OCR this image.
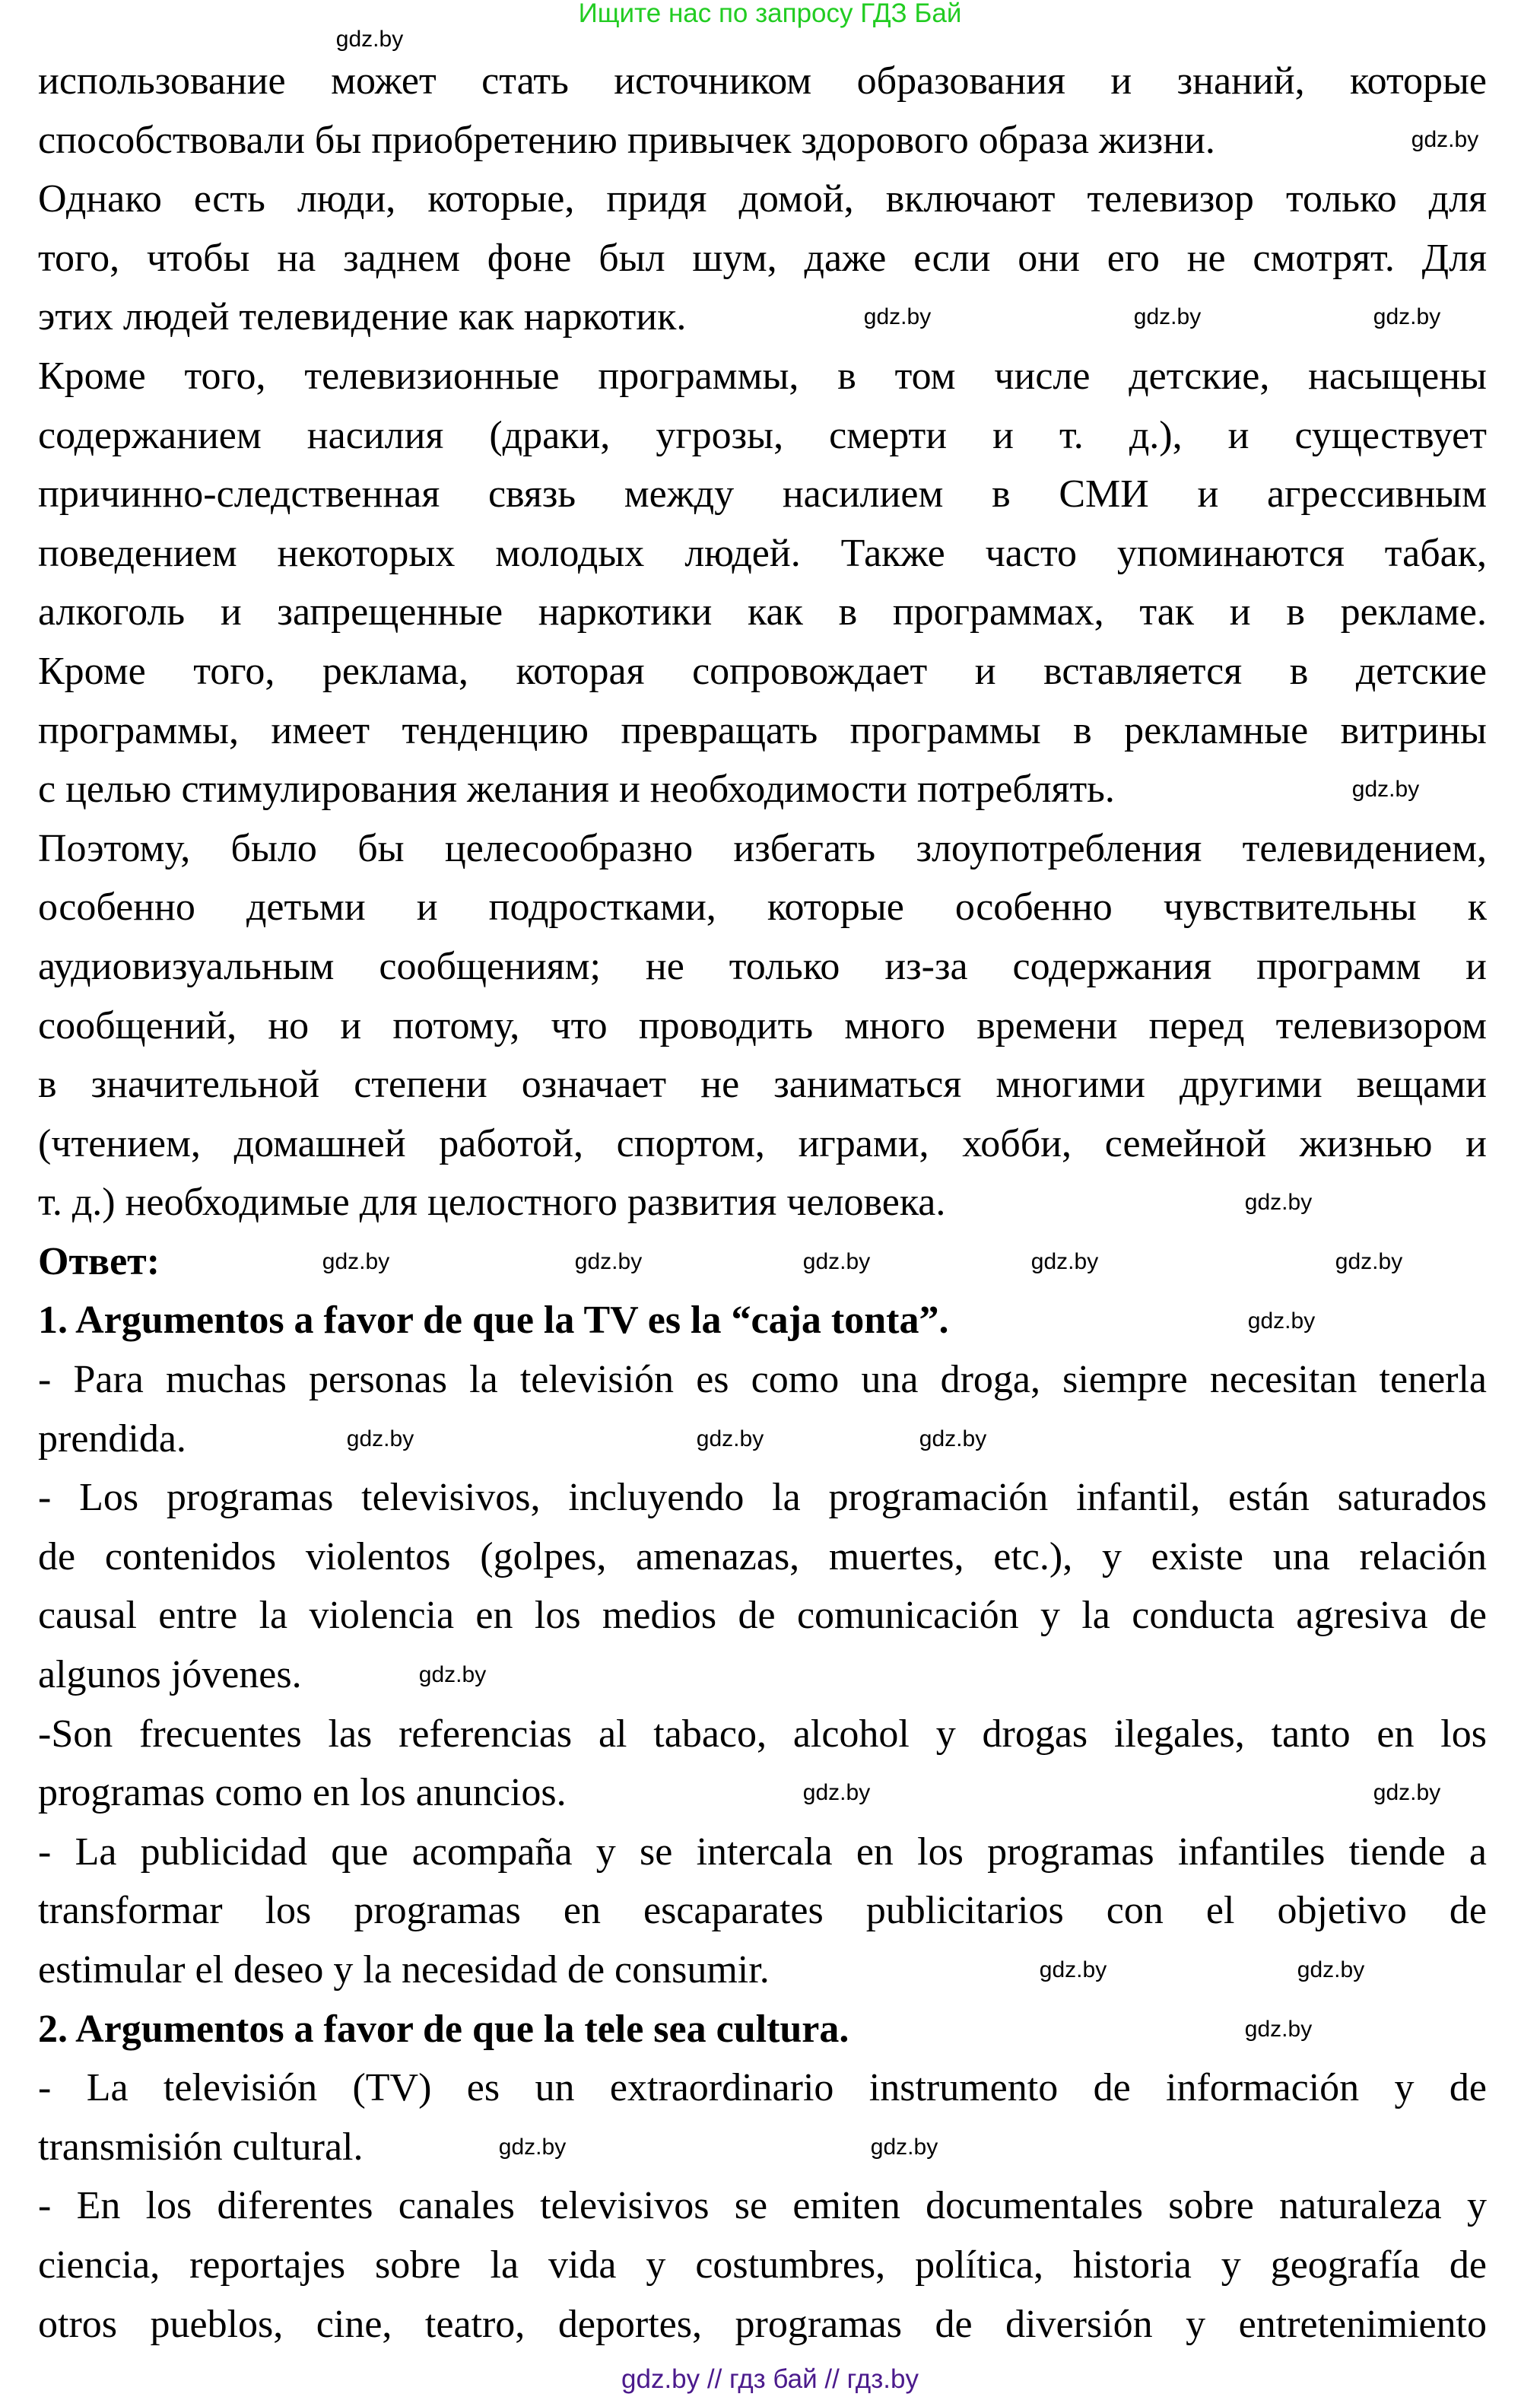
Ищите нас по запросу ГДЗ Бай
использование может стать источником образования и знаний, которые
способствовали бы приобретению привычек здорового образа жизни.
Однако есть люди, которые, придя домой, включают телевизор только для
того, чтобы на заднем фоне был шум, даже если они его не смотрят. Для
этих людей телевидение как наркотик.
Кроме того, телевизионные программы, в том числе детские, насыщены
содержанием насилия (драки, угрозы, смерти и т. д.), и существует
причинно-следственная связь между насилием в СМИ и агрессивным
поведением некоторых молодых людей. Также часто упоминаются табак,
алкоголь и запрещенные наркотики как в программах, так и в рекламе.
Кроме того, реклама, которая сопровождает и вставляется в детские
программы, имеет тенденцию превращать программы в рекламные витрины
с целью стимулирования желания и необходимости потреблять.
Поэтому, было бы целесообразно избегать злоупотребления телевидением,
особенно детьми и подростками, которые особенно чувствительны к
аудиовизуальным сообщениям; не только из-за содержания программ и
сообщений, но и потому, что проводить много времени перед телевизором
в значительной степени означает не заниматься многими другими вещами
(чтением, домашней работой, спортом, играми, хобби, семейной жизнью и
т. д.) необходимые для целостного развития человека.
Ответ:
1. Argumentos a favor de que la TV es la “caja tonta”.
- Para muchas personas la televisión es como una droga, siempre necesitan tenerla
prendida.
- Los programas televisivos, incluyendo la programación infantil, están saturados
de contenidos violentos (golpes, amenazas, muertes, etc.), y existe una relación
causal entre la violencia en los medios de comunicación y la conducta agresiva de
algunos jóvenes.
-Son frecuentes las referencias al tabaco, alcohol y drogas ilegales, tanto en los
programas como en los anuncios.
- La publicidad que acompaña y se intercala en los programas infantiles tiende a
transformar los programas en escaparates publicitarios con el objetivo de
estimular el deseo y la necesidad de consumir.
2. Argumentos a favor de que la tele sea cultura.
- La televisión (TV) es un extraordinario instrumento de información y de
transmisión cultural.
- En los diferentes canales televisivos se emiten documentales sobre naturaleza y
ciencia, reportajes sobre la vida y costumbres, política, historia y geografía de
otros pueblos, cine, teatro, deportes, programas de diversión y entretenimiento
gdz.by
gdz.by
gdz.by
gdz.by	gdz.by
gdz.by
gdz.by
gdz.by	gdz.by	gdz.by	gdz.by	gdz.by
gdz.by
gdz.by	gdz.by	gdz.by
gdz.by
gdz.by	gdz.by
gdz.by	gdz.by
gdz.by
gdz.by
gdz.by
gdz.by // гдз бай // гдз.by
